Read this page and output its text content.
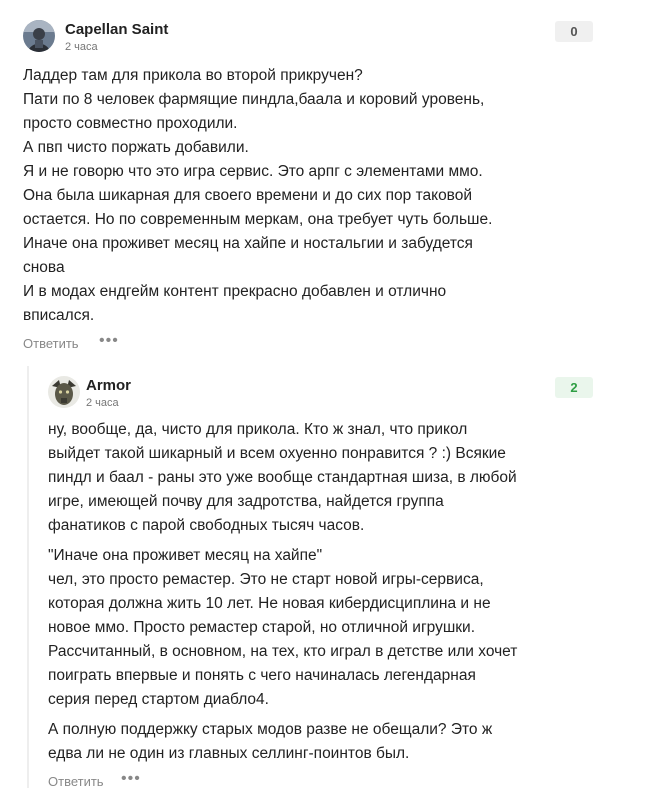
Capellan Saint
2 часа
0
Ладдер там для прикола во второй прикручен?
Пати по 8 человек фармящие пиндла,баала и коровий уровень,
просто совместно проходили.
А пвп чисто поржать добавили.
Я и не говорю что это игра сервис. Это арпг с элементами ммо.
Она была шикарная для своего времени и до сих пор таковой
остается. Но по современным меркам, она требует чуть больше.
Иначе она проживет месяц на хайпе и ностальгии и забудется
снова
И в модах ендгейм контент прекрасно добавлен и отлично
вписался.
Ответить •••
Armor
2 часа
2

ну, вообще, да, чисто для прикола. Кто ж знал, что прикол
выйдет такой шикарный и всем охуенно понравится ? :) Всякие
пиндл и баал - раны это уже вообще стандартная шиза, в любой
игре, имеющей почву для задротства, найдется группа
фанатиков с парой свободных тысяч часов.

"Иначе она проживет месяц на хайпе"
чел, это просто ремастер. Это не старт новой игры-сервиса,
которая должна жить 10 лет. Не новая кибердисциплина и не
новое ммо. Просто ремастер старой, но отличной игрушки.
Рассчитанный, в основном, на тех, кто играл в детстве или хочет
поиграть впервые и понять с чего начиналась легендарная
серия перед стартом диабло4.

А полную поддержку старых модов разве не обещали? Это ж
едва ли не один из главных селлинг-поинтов был.

Ответить •••
